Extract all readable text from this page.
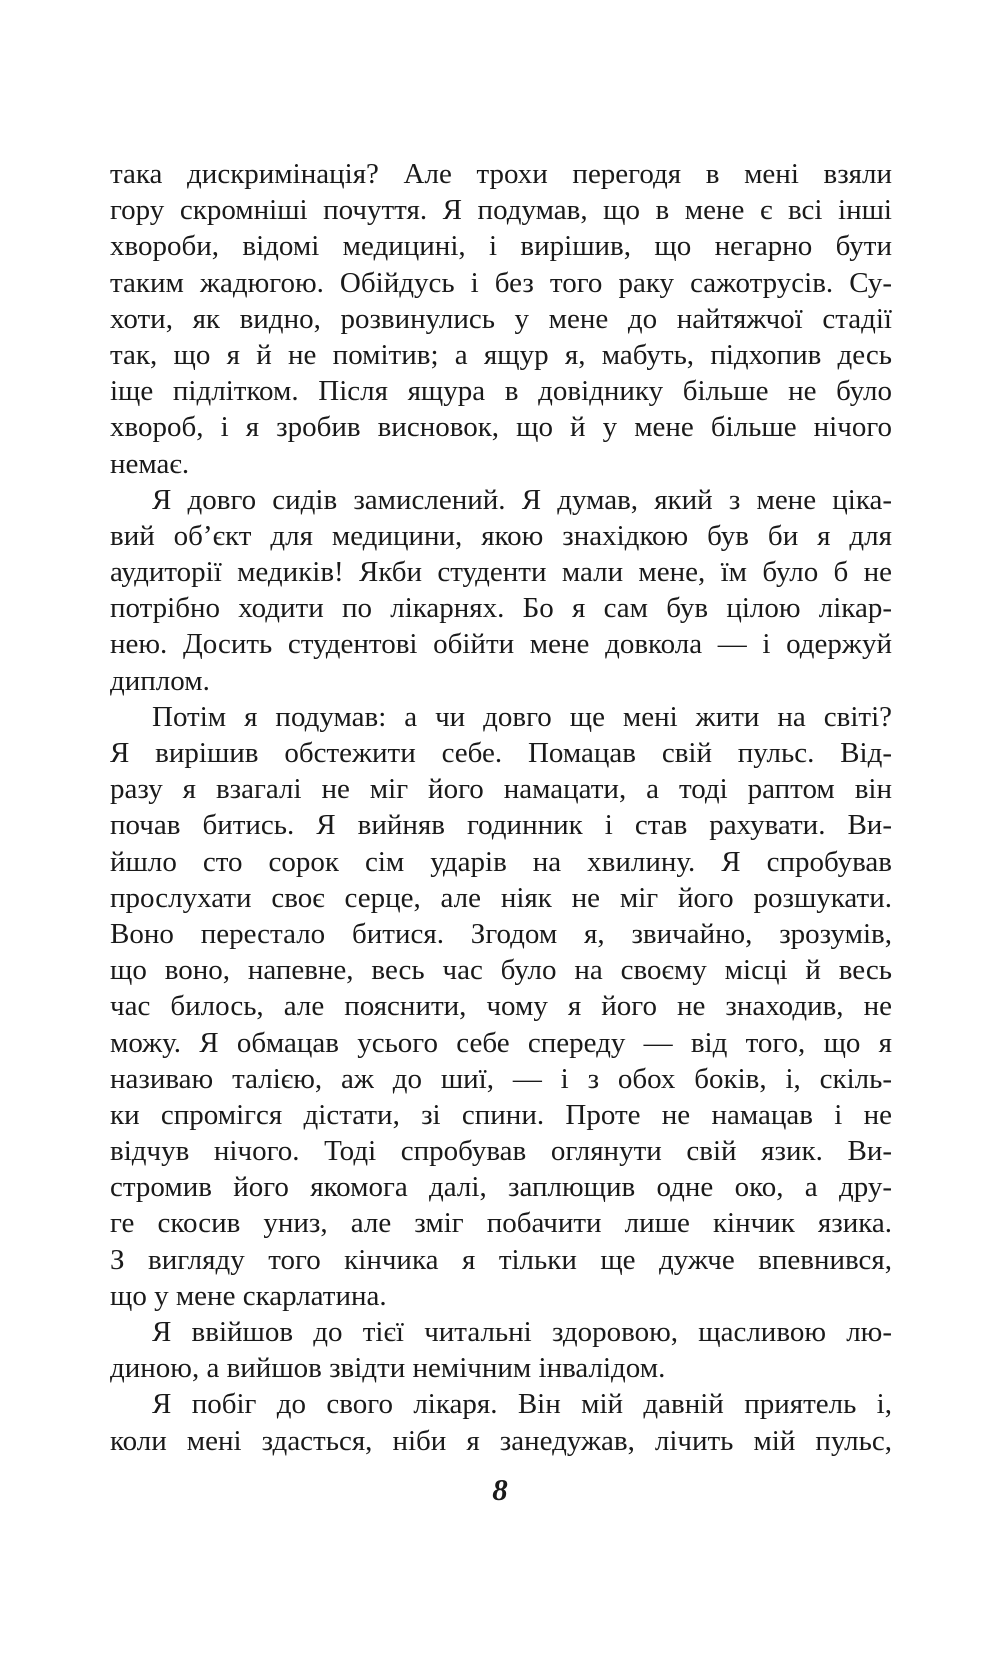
така дискримінація? Але трохи перегодя в мені взяли
гору скромніші почуття. Я подумав, що в мене є всі інші
хвороби, відомі медицині, і вирішив, що негарно бути
таким жадюгою. Обійдусь і без того раку сажотрусів. Су-
хоти, як видно, розвинулись у мене до найтяжчої стадії
так, що я й не помітив; а ящур я, мабуть, підхопив десь
іще підлітком. Після ящура в довіднику більше не було
хвороб, і я зробив висновок, що й у мене більше нічого
немає.
Я довго сидів замислений. Я думав, який з мене ціка-
вий об’єкт для медицини, якою знахідкою був би я для
аудиторії медиків! Якби студенти мали мене, їм було б не
потрібно ходити по лікарнях. Бо я сам був цілою лікар-
нею. Досить студентові обійти мене довкола — і одержуй
диплом.
Потім я подумав: а чи довго ще мені жити на світі?
Я вирішив обстежити себе. Помацав свій пульс. Від-
разу я взагалі не міг його намацати, а тоді раптом він
почав битись. Я вийняв годинник і став рахувати. Ви-
йшло сто сорок сім ударів на хвилину. Я спробував
прослухати своє серце, але ніяк не міг його розшукати.
Воно перестало битися. Згодом я, звичайно, зрозумів,
що воно, напевне, весь час було на своєму місці й весь
час билось, але пояснити, чому я його не знаходив, не
можу. Я обмацав усього себе спереду — від того, що я
називаю талією, аж до шиї, — і з обох боків, і, скіль-
ки спромігся дістати, зі спини. Проте не намацав і не
відчув нічого. Тоді спробував оглянути свій язик. Ви-
стромив його якомога далі, заплющив одне око, а дру-
ге скосив униз, але зміг побачити лише кінчик язика.
З вигляду того кінчика я тільки ще дужче впевнився,
що у мене скарлатина.
Я ввійшов до тієї читальні здоровою, щасливою лю-
диною, а вийшов звідти немічним інвалідом.
Я побіг до свого лікаря. Він мій давній приятель і,
коли мені здасться, ніби я занедужав, лічить мій пульс,
8
